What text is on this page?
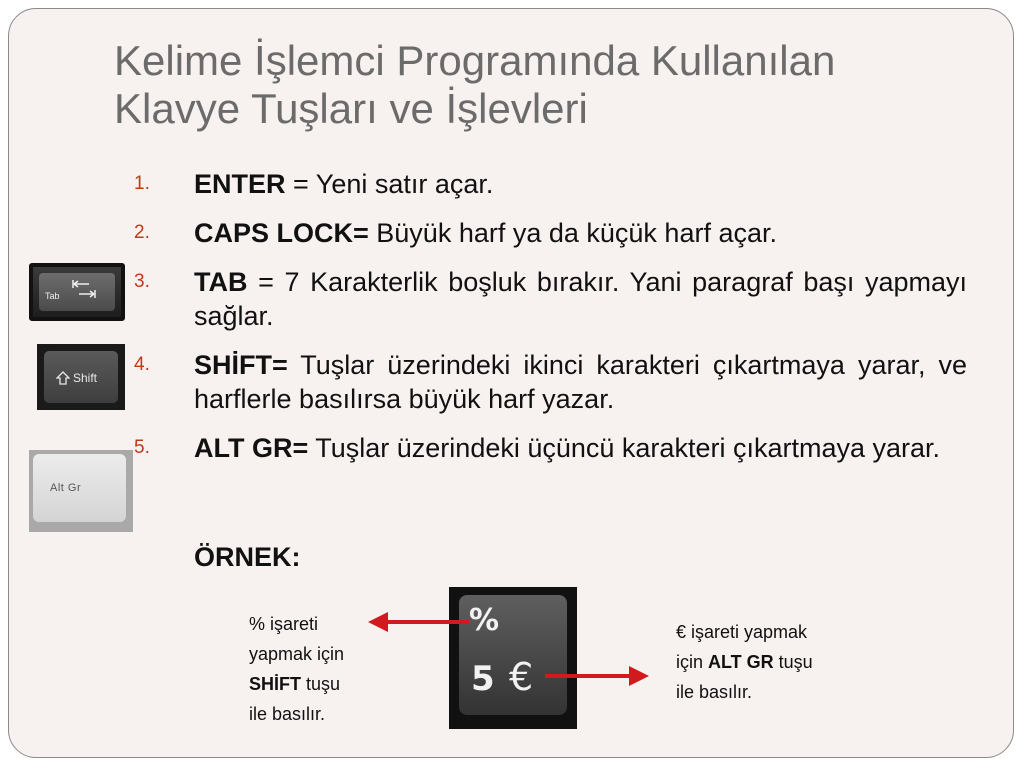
Kelime İşlemci Programında Kullanılan
Klavye Tuşları ve İşlevleri
1.	ENTER = Yeni satır açar.
2.	CAPS LOCK= Büyük harf ya da küçük harf açar.
3.	TAB = 7 Karakterlik boşluk bırakır. Yani paragraf başı yapmayı sağlar.
4.	SHİFT= Tuşlar üzerindeki ikinci karakteri çıkartmaya yarar, ve harflerle basılırsa büyük harf yazar.
5.	ALT GR= Tuşlar üzerindeki üçüncü karakteri çıkartmaya yarar.
ÖRNEK:
Tab
Shift
Alt Gr
%
5 €
% işareti
yapmak için
SHİFT tuşu
ile basılır.
€ işareti yapmak
için ALT GR tuşu
ile basılır.
